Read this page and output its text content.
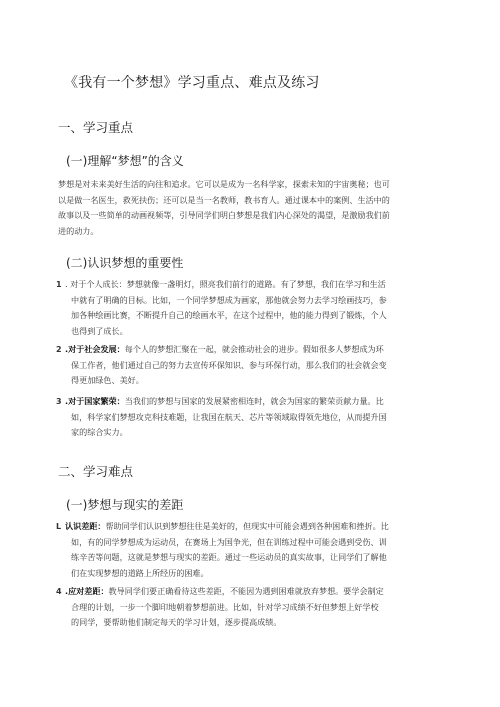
《我有一个梦想》学习重点、难点及练习
一、学习重点
(一)理解“梦想”的含义
梦想是对未来美好生活的向往和追求。它可以是成为一名科学家，探索未知的宇宙奥秘；也可
以是做一名医生，救死扶伤；还可以是当一名教师，教书育人。通过课本中的案例、生活中的
故事以及一些简单的动画视频等，引导同学们明白梦想是我们内心深处的渴望，是激励我们前
进的动力。
(二)认识梦想的重要性
1 . 对于个人成长：梦想就像一盏明灯，照亮我们前行的道路。有了梦想，我们在学习和生活
中就有了明确的目标。比如，一个同学梦想成为画家，那他就会努力去学习绘画技巧，参
加各种绘画比赛，不断提升自己的绘画水平，在这个过程中，他的能力得到了锻炼，个人
也得到了成长。
2 .对于社会发展：每个人的梦想汇聚在一起，就会推动社会的进步。假如很多人梦想成为环
保工作者，他们通过自己的努力去宣传环保知识、参与环保行动，那么我们的社会就会变
得更加绿色、美好。
3 .对于国家繁荣：当我们的梦想与国家的发展紧密相连时，就会为国家的繁荣贡献力量。比
如，科学家们梦想攻克科技难题，让我国在航天、芯片等领域取得领先地位，从而提升国
家的综合实力。
二、学习难点
(一)梦想与现实的差距
L 认识差距：帮助同学们认识到梦想往往是美好的，但现实中可能会遇到各种困难和挫折。比
如，有的同学梦想成为运动员，在赛场上为国争光，但在训练过程中可能会遇到受伤、训
练辛苦等问题，这就是梦想与现实的差距。通过一些运动员的真实故事，让同学们了解他
们在实现梦想的道路上所经历的困难。
4 .应对差距：教导同学们要正确看待这些差距，不能因为遇到困难就放弃梦想。要学会制定
合理的计划，一步一个脚印地朝着梦想前进。比如，针对学习成绩不好但梦想上好学校
的同学，要帮助他们制定每天的学习计划，逐步提高成绩。
